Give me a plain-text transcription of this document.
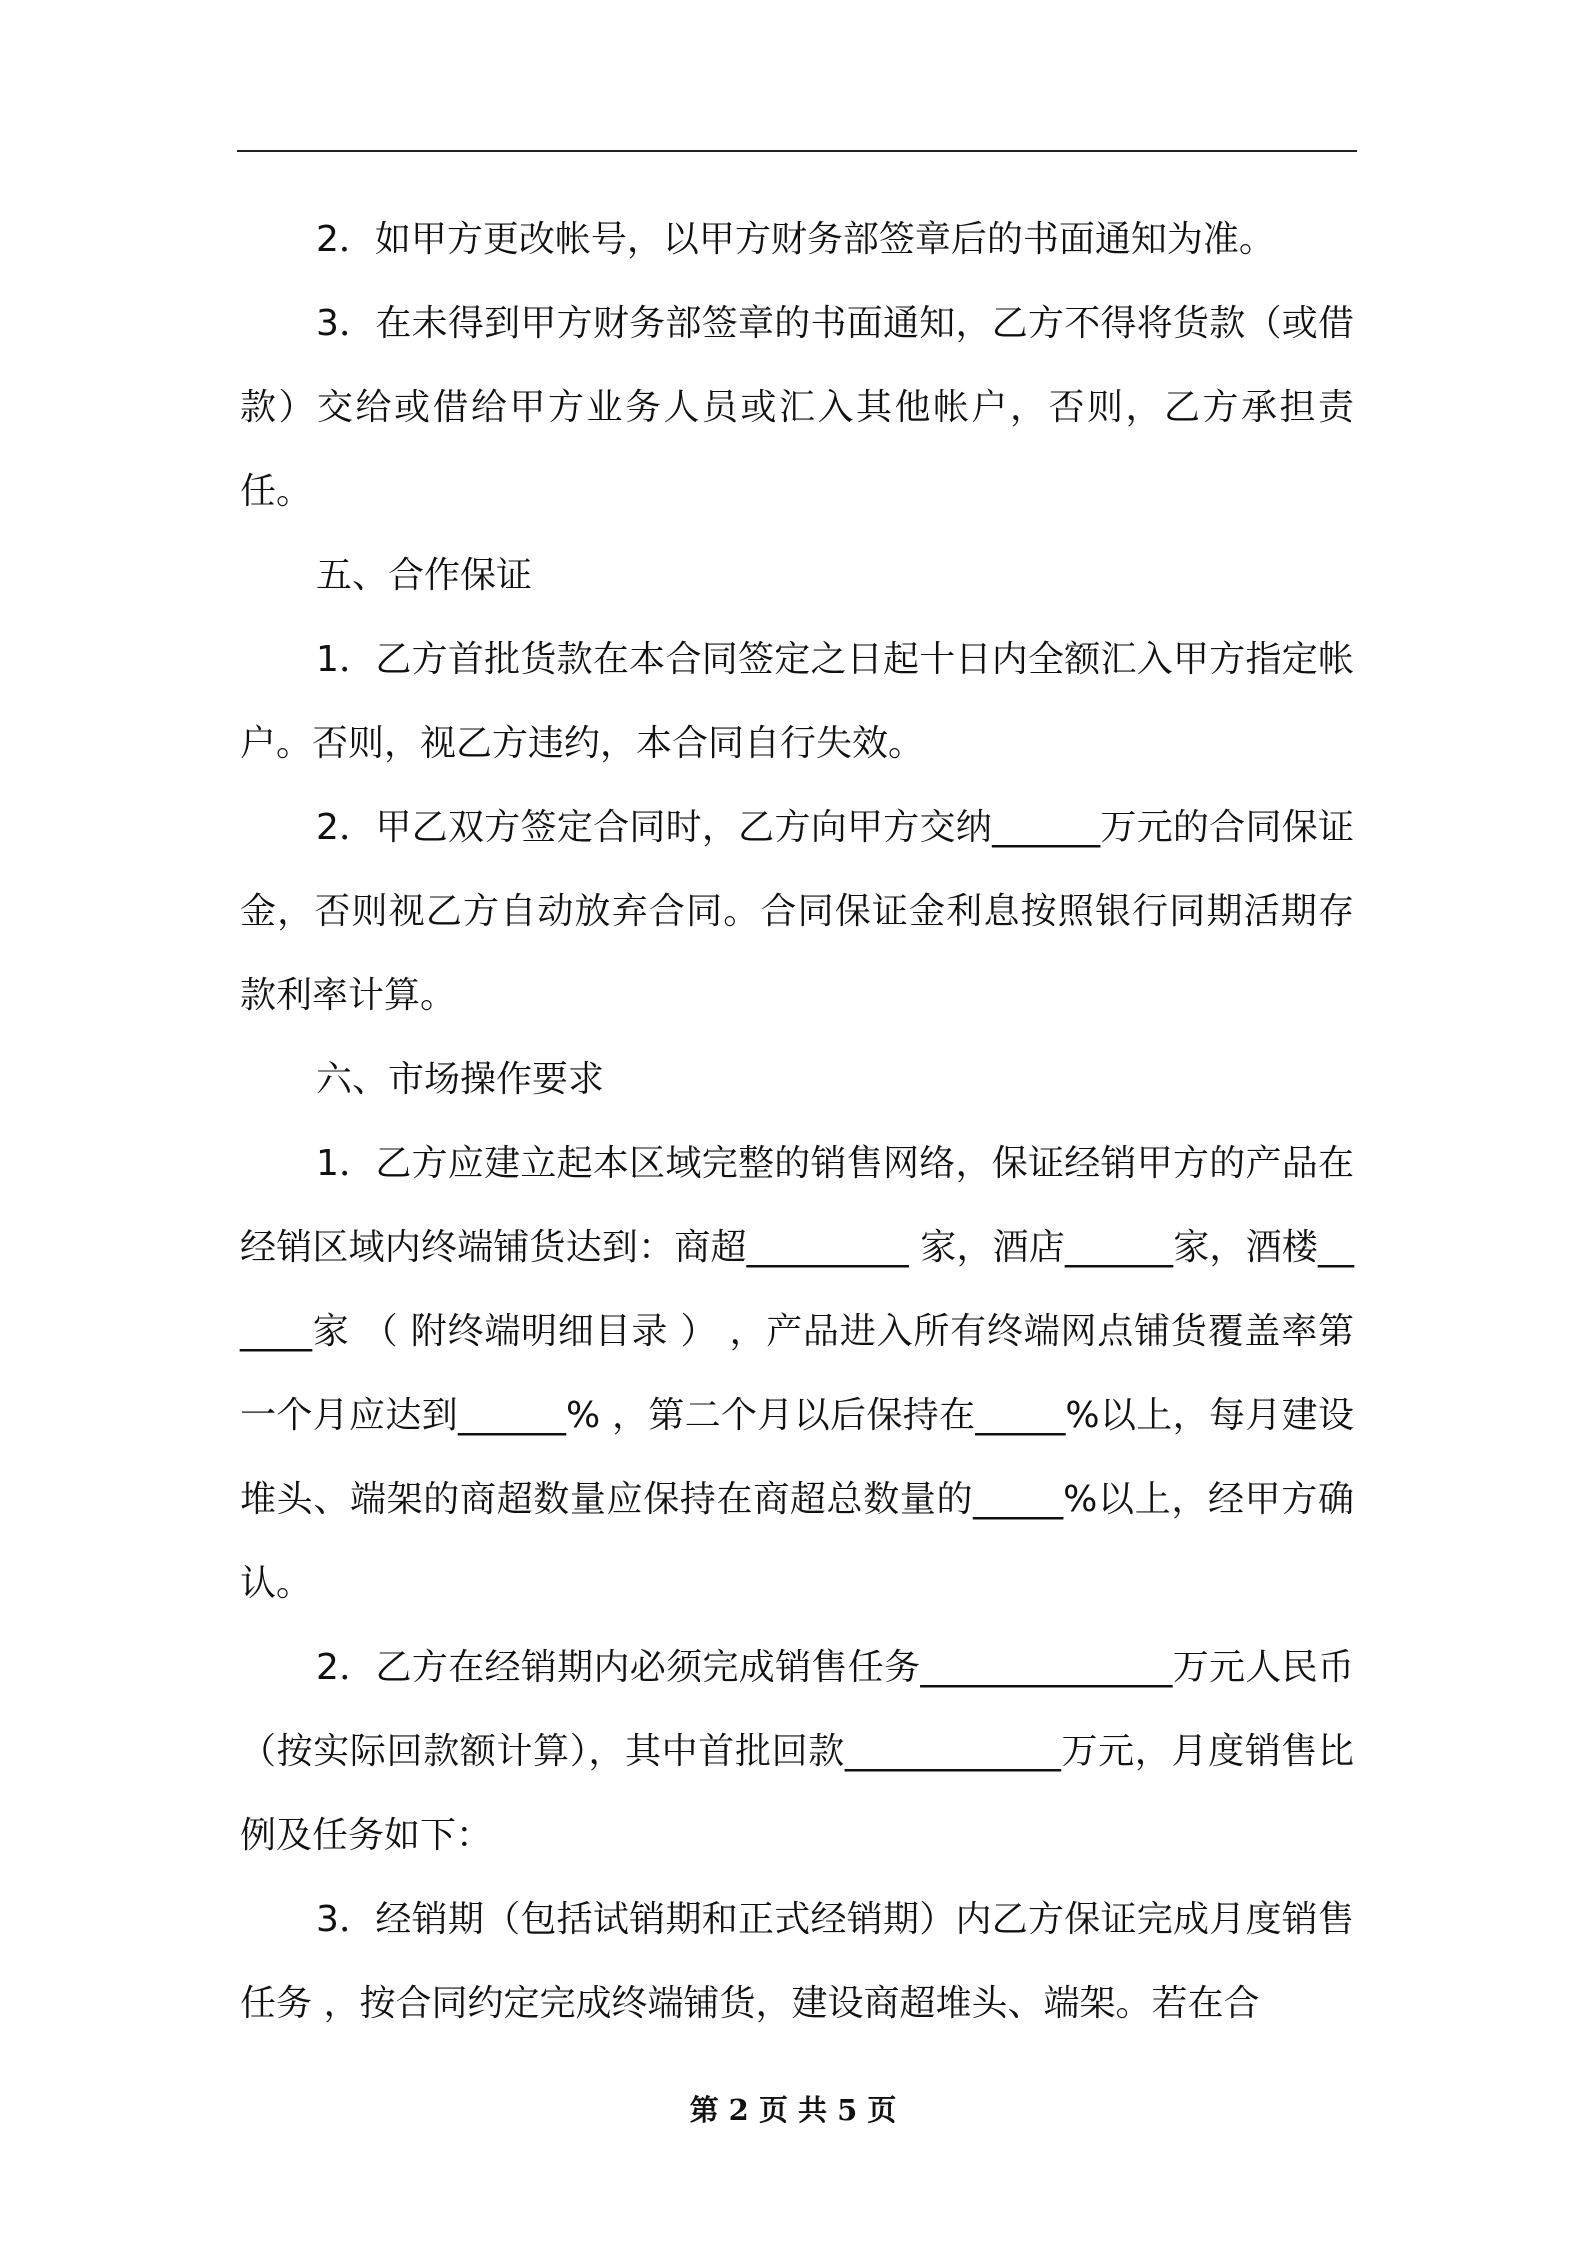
2．如甲方更改帐号，以甲方财务部签章后的书面通知为准。

3．在未得到甲方财务部签章的书面通知，乙方不得将货款（或借款）交给或借给甲方业务人员或汇入其他帐户，否则，乙方承担责任。

五、合作保证

1．乙方首批货款在本合同签定之日起十日内全额汇入甲方指定帐户。否则，视乙方违约，本合同自行失效。

2．甲乙双方签定合同时，乙方向甲方交纳______万元的合同保证金，否则视乙方自动放弃合同。合同保证金利息按照银行同期活期存款利率计算。

六、市场操作要求

1．乙方应建立起本区域完整的销售网络，保证经销甲方的产品在经销区域内终端铺货达到：商超_________ 家，酒店______家，酒楼______家 （ 附终端明细目录 ） ，产品进入所有终端网点铺货覆盖率第一个月应达到______% ，第二个月以后保持在_____%以上，每月建设堆头、端架的商超数量应保持在商超总数量的_____%以上，经甲方确认。

2．乙方在经销期内必须完成销售任务______________万元人民币（按实际回款额计算），其中首批回款____________万元，月度销售比例及任务如下：

3．经销期（包括试销期和正式经销期）内乙方保证完成月度销售任务 ，按合同约定完成终端铺货，建设商超堆头、端架。若在合

第 2 页 共 5 页
